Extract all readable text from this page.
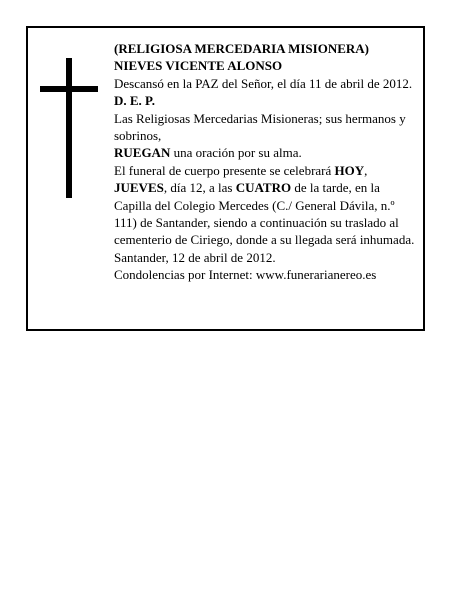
(RELIGIOSA MERCEDARIA MISIONERA)

NIEVES VICENTE ALONSO

Descansó en la PAZ del Señor, el día 11 de abril de 2012.

D. E. P.

Las Religiosas Mercedarias Misioneras; sus hermanos y sobrinos,

RUEGAN una oración por su alma.

El funeral de cuerpo presente se celebrará HOY, JUEVES, día 12, a las CUATRO de la tarde, en la Capilla del Colegio Mercedes (C./ General Dávila, n.º 111) de Santander, siendo a continuación su traslado al cementerio de Ciriego, donde a su llegada será inhumada.

Santander, 12 de abril de 2012.

Condolencias por Internet: www.funerarianereo.es
